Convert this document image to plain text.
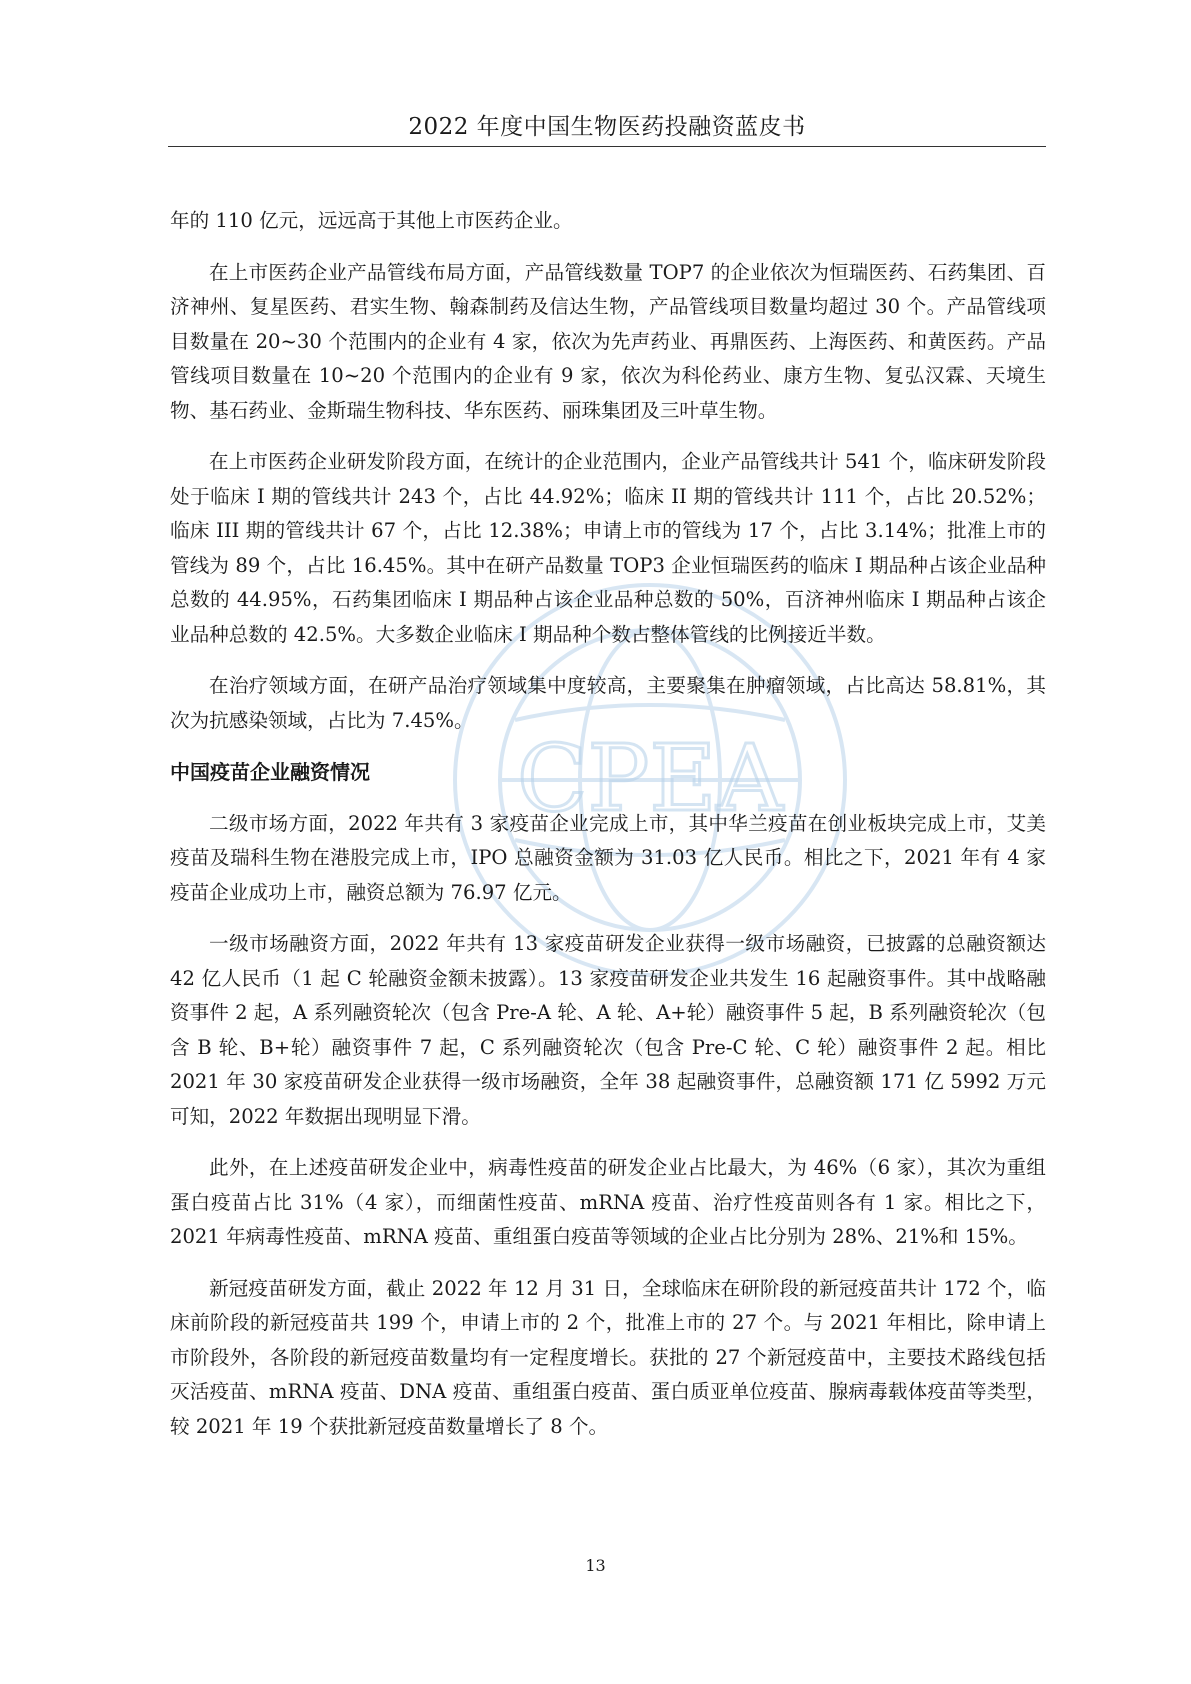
2022 年度中国生物医药投融资蓝皮书
CPEA

年的 110 亿元，远远高于其他上市医药企业。

在上市医药企业产品管线布局方面，产品管线数量 TOP7 的企业依次为恒瑞医药、石药集团、百济神州、复星医药、君实生物、翰森制药及信达生物，产品管线项目数量均超过 30 个。产品管线项目数量在 20~30 个范围内的企业有 4 家，依次为先声药业、再鼎医药、上海医药、和黄医药。产品管线项目数量在 10~20 个范围内的企业有 9 家，依次为科伦药业、康方生物、复弘汉霖、天境生物、基石药业、金斯瑞生物科技、华东医药、丽珠集团及三叶草生物。

在上市医药企业研发阶段方面，在统计的企业范围内，企业产品管线共计 541 个，临床研发阶段处于临床 I 期的管线共计 243 个，占比 44.92%；临床 II 期的管线共计 111 个，占比 20.52%；临床 III 期的管线共计 67 个，占比 12.38%；申请上市的管线为 17 个，占比 3.14%；批准上市的管线为 89 个，占比 16.45%。其中在研产品数量 TOP3 企业恒瑞医药的临床 I 期品种占该企业品种总数的 44.95%，石药集团临床 I 期品种占该企业品种总数的 50%，百济神州临床 I 期品种占该企业品种总数的 42.5%。大多数企业临床 I 期品种个数占整体管线的比例接近半数。

在治疗领域方面，在研产品治疗领域集中度较高，主要聚集在肿瘤领域，占比高达 58.81%，其次为抗感染领域，占比为 7.45%。

中国疫苗企业融资情况

二级市场方面，2022 年共有 3 家疫苗企业完成上市，其中华兰疫苗在创业板块完成上市，艾美疫苗及瑞科生物在港股完成上市，IPO 总融资金额为 31.03 亿人民币。相比之下，2021 年有 4 家疫苗企业成功上市，融资总额为 76.97 亿元。

一级市场融资方面，2022 年共有 13 家疫苗研发企业获得一级市场融资，已披露的总融资额达 42 亿人民币（1 起 C 轮融资金额未披露）。13 家疫苗研发企业共发生 16 起融资事件。其中战略融资事件 2 起，A 系列融资轮次（包含 Pre-A 轮、A 轮、A+轮）融资事件 5 起，B 系列融资轮次（包含 B 轮、B+轮）融资事件 7 起，C 系列融资轮次（包含 Pre-C 轮、C 轮）融资事件 2 起。相比 2021 年 30 家疫苗研发企业获得一级市场融资，全年 38 起融资事件，总融资额 171 亿 5992 万元可知，2022 年数据出现明显下滑。

此外，在上述疫苗研发企业中，病毒性疫苗的研发企业占比最大，为 46%（6 家），其次为重组蛋白疫苗占比 31%（4 家），而细菌性疫苗、mRNA 疫苗、治疗性疫苗则各有 1 家。相比之下，2021 年病毒性疫苗、mRNA 疫苗、重组蛋白疫苗等领域的企业占比分别为 28%、21%和 15%。

新冠疫苗研发方面，截止 2022 年 12 月 31 日，全球临床在研阶段的新冠疫苗共计 172 个，临床前阶段的新冠疫苗共 199 个，申请上市的 2 个，批准上市的 27 个。与 2021 年相比，除申请上市阶段外，各阶段的新冠疫苗数量均有一定程度增长。获批的 27 个新冠疫苗中，主要技术路线包括灭活疫苗、mRNA 疫苗、DNA 疫苗、重组蛋白疫苗、蛋白质亚单位疫苗、腺病毒载体疫苗等类型，较 2021 年 19 个获批新冠疫苗数量增长了 8 个。

13
